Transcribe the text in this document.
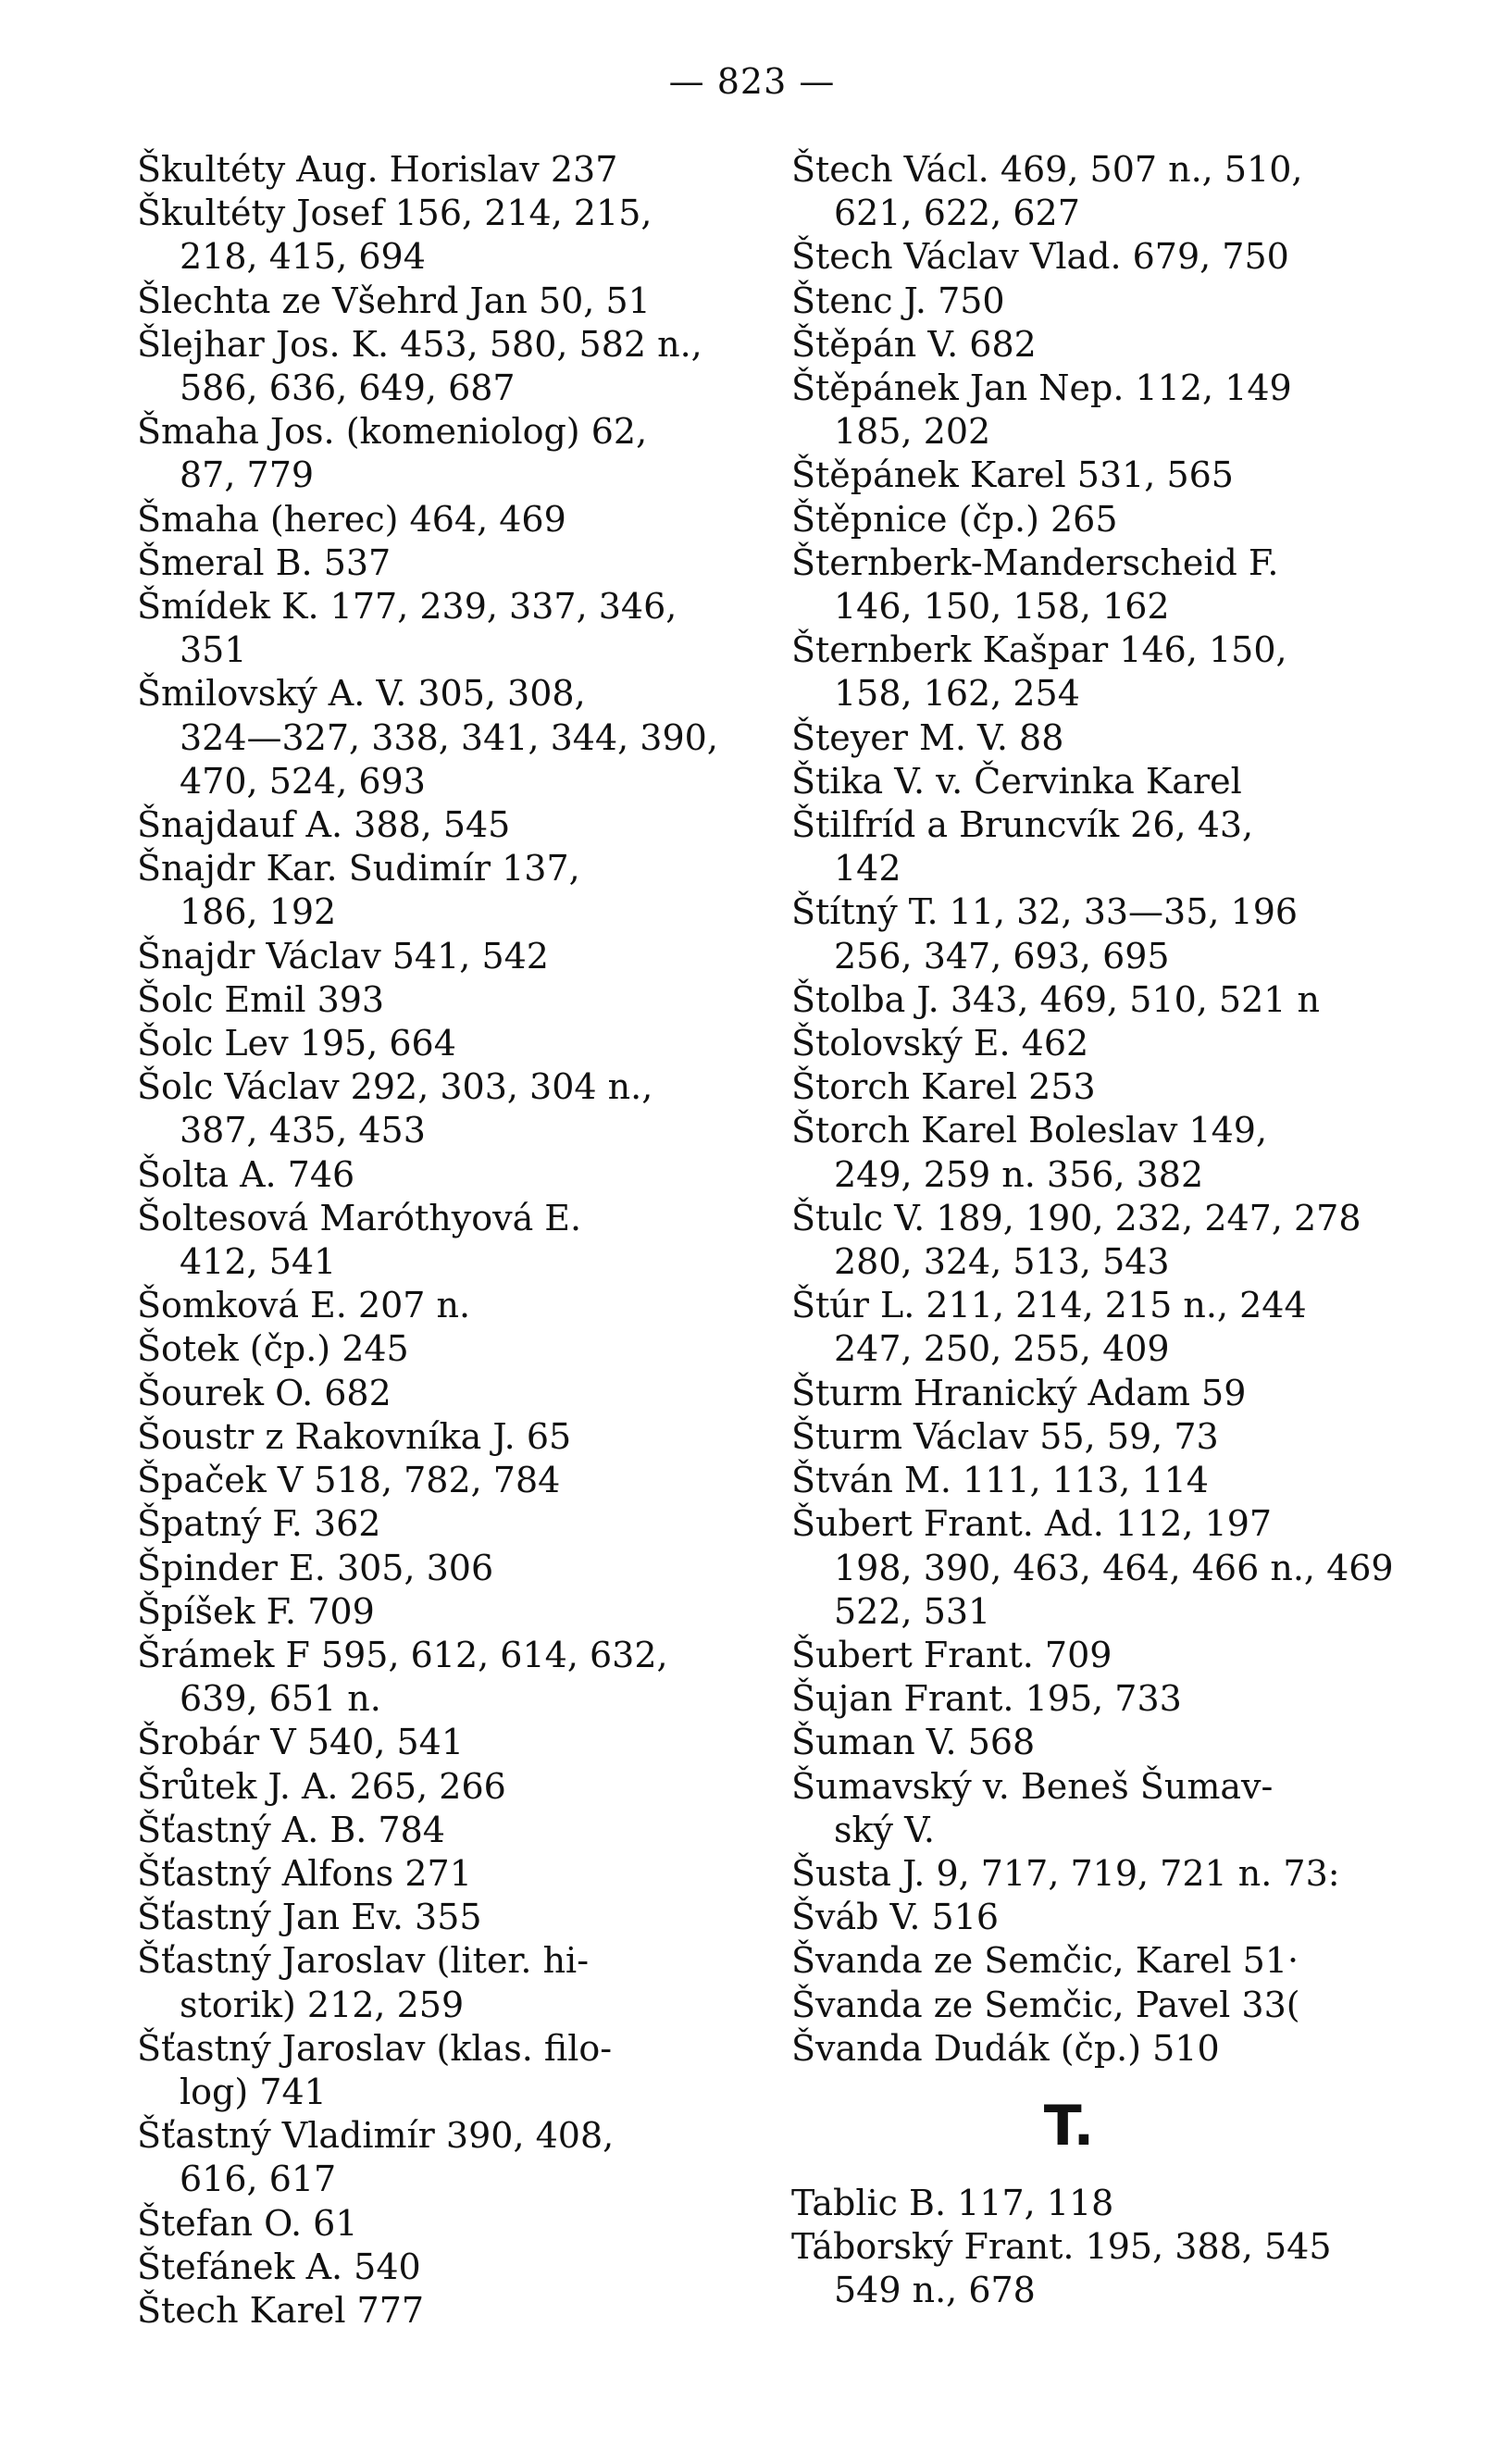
— 823 —
Škultéty Aug. Horislav 237
Škultéty Josef 156, 214, 215,

218, 415, 694
Šlechta ze Všehrd Jan 50, 51
Šlejhar Jos. K. 453, 580, 582 n.,

586, 636, 649, 687
Šmaha Jos. (komeniolog) 62,

87, 779
Šmaha (herec) 464, 469
Šmeral B. 537
Šmídek K. 177, 239, 337, 346,

351
Šmilovský A. V. 305, 308,

324—327, 338, 341, 344, 390,
470, 524, 693
Šnajdauf A. 388, 545
Šnajdr Kar. Sudimír 137,

186, 192
Šnajdr Václav 541, 542
Šolc Emil 393
Šolc Lev 195, 664
Šolc Václav 292, 303, 304 n.,

387, 435, 453
Šolta A. 746
Šoltesová Maróthyová E.

412, 541
Šomková E. 207 n.
Šotek (čp.) 245
Šourek O. 682
Šoustr z Rakovníka J. 65
Špaček V 518, 782, 784
Špatný F. 362
Špinder E. 305, 306
Špíšek F. 709
Šrámek F 595, 612, 614, 632,

639, 651 n.
Šrobár V 540, 541
Šrůtek J. A. 265, 266
Šťastný A. B. 784
Šťastný Alfons 271
Šťastný Jan Ev. 355
Šťastný Jaroslav (liter. hi-

storik) 212, 259
Šťastný Jaroslav (klas. filo-

log) 741
Šťastný Vladimír 390, 408,

616, 617
Štefan O. 61
Štefánek A. 540
Štech Karel 777
Štech Václ. 469, 507 n., 510,

621, 622, 627
Štech Václav Vlad. 679, 750
Štenc J. 750
Štěpán V. 682
Štěpánek Jan Nep. 112, 149

185, 202
Štěpánek Karel 531, 565
Štěpnice (čp.) 265
Šternberk-Manderscheid F.

146, 150, 158, 162
Šternberk Kašpar 146, 150,

158, 162, 254
Šteyer M. V. 88
Štika V. v. Červinka Karel
Štilfríd a Bruncvík 26, 43,

142
Štítný T. 11, 32, 33—35, 196

256, 347, 693, 695
Štolba J. 343, 469, 510, 521 n
Štolovský E. 462
Štorch Karel 253
Štorch Karel Boleslav 149,

249, 259 n. 356, 382
Štulc V. 189, 190, 232, 247, 278

280, 324, 513, 543
Štúr L. 211, 214, 215 n., 244

247, 250, 255, 409
Šturm Hranický Adam 59
Šturm Václav 55, 59, 73
Štván M. 111, 113, 114
Šubert Frant. Ad. 112, 197

198, 390, 463, 464, 466 n., 469
522, 531
Šubert Frant. 709
Šujan Frant. 195, 733
Šuman V. 568
Šumavský v. Beneš Šumav-

ský V.
Šusta J. 9, 717, 719, 721 n. 73:
Šváb V. 516
Švanda ze Semčic, Karel 51·
Švanda ze Semčic, Pavel 33(
Švanda Dudák (čp.) 510
T.
Tablic B. 117, 118
Táborský Frant. 195, 388, 545

549 n., 678
